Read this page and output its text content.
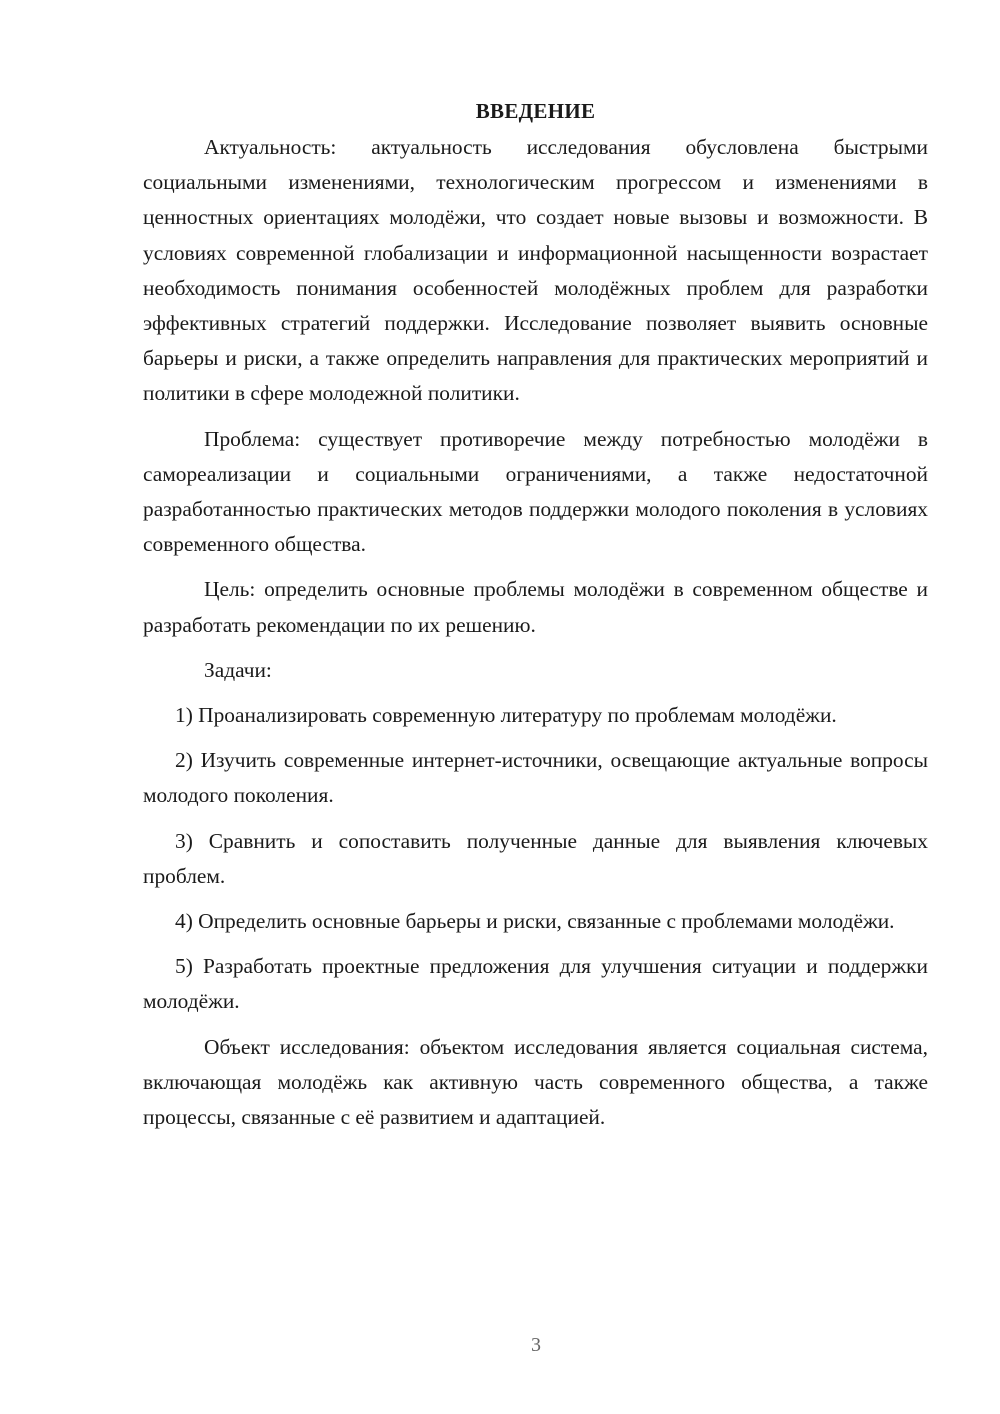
ВВЕДЕНИЕ

Актуальность: актуальность исследования обусловлена быстрыми социальными изменениями, технологическим прогрессом и изменениями в ценностных ориентациях молодёжи, что создает новые вызовы и возможности. В условиях современной глобализации и информационной насыщенности возрастает необходимость понимания особенностей молодёжных проблем для разработки эффективных стратегий поддержки. Исследование позволяет выявить основные барьеры и риски, а также определить направления для практических мероприятий и политики в сфере молодежной политики.

Проблема: существует противоречие между потребностью молодёжи в самореализации и социальными ограничениями, а также недостаточной разработанностью практических методов поддержки молодого поколения в условиях современного общества.

Цель: определить основные проблемы молодёжи в современном обществе и разработать рекомендации по их решению.

Задачи:

1) Проанализировать современную литературу по проблемам молодёжи.

2) Изучить современные интернет-источники, освещающие актуальные вопросы молодого поколения.

3) Сравнить и сопоставить полученные данные для выявления ключевых проблем.

4) Определить основные барьеры и риски, связанные с проблемами молодёжи.

5) Разработать проектные предложения для улучшения ситуации и поддержки молодёжи.

Объект исследования: объектом исследования является социальная система, включающая молодёжь как активную часть современного общества, а также процессы, связанные с её развитием и адаптацией.

3
